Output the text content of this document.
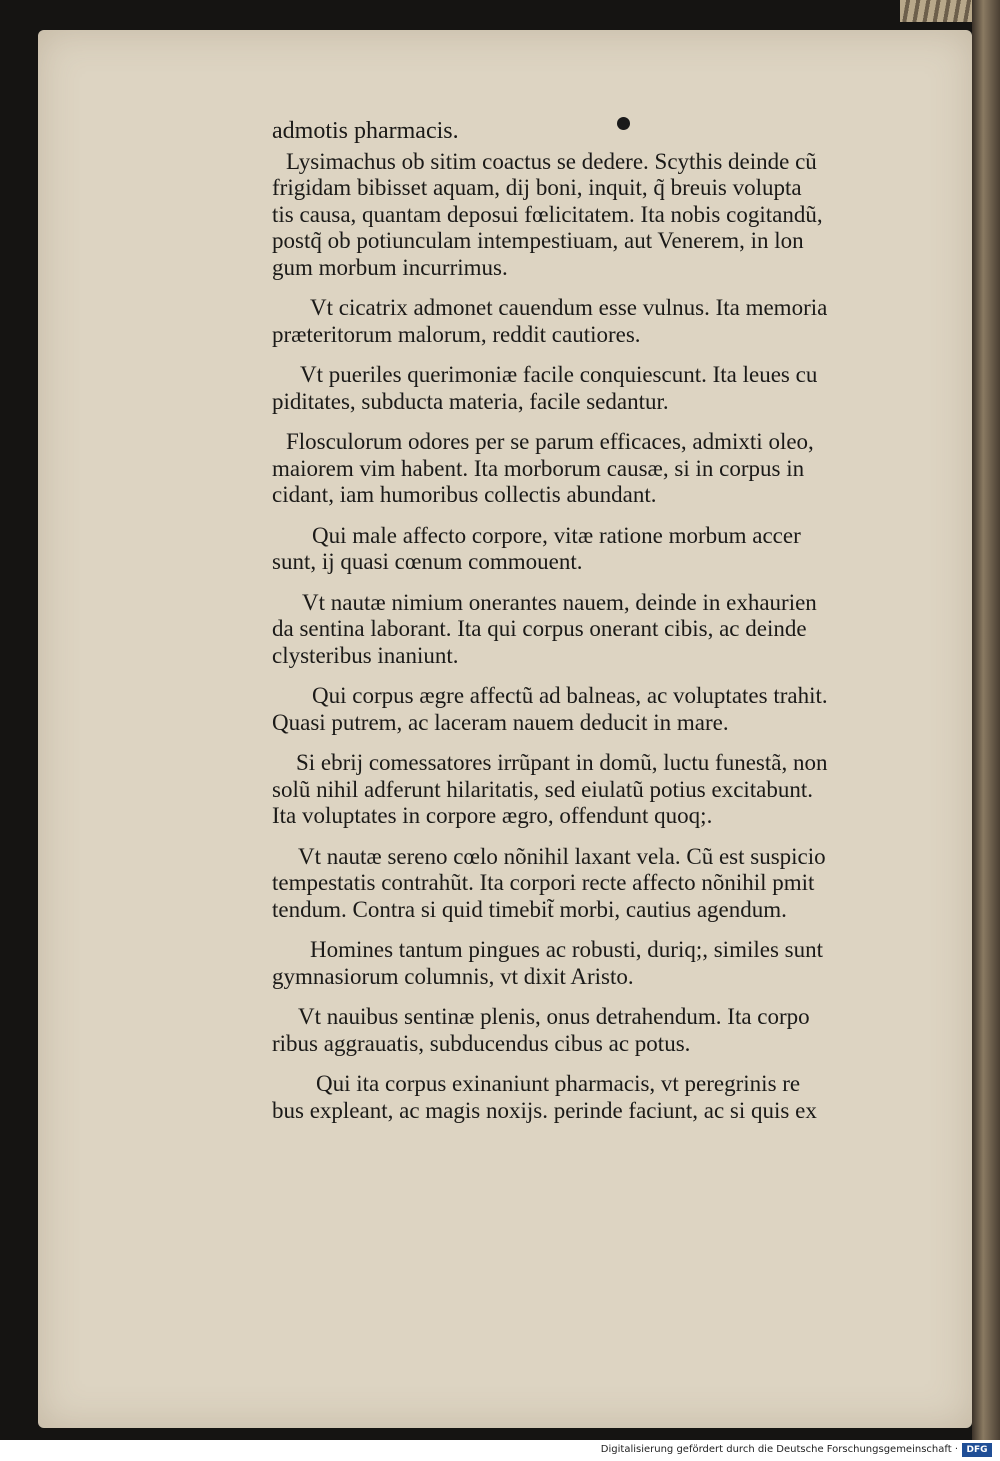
admotis pharmacis.
Lysimachus ob sitim coactus se dedere. Scythis deinde cũ
frigidam bibisset aquam, dij boni, inquit, q̃ breuis volupta
tis causa, quantam deposui fœlicitatem. Ita nobis cogitandũ,
postq̃ ob potiunculam intempestiuam, aut Venerem, in lon
gum morbum incurrimus.
Vt cicatrix admonet cauendum esse vulnus. Ita memoria
præteritorum malorum, reddit cautiores.
Vt pueriles querimoniæ facile conquiescunt. Ita leues cu
piditates, subducta materia, facile sedantur.
Flosculorum odores per se parum efficaces, admixti oleo,
maiorem vim habent. Ita morborum causæ, si in corpus in
cidant, iam humoribus collectis abundant.
Qui male affecto corpore, vitæ ratione morbum accer
sunt, ij quasi cœnum commouent.
Vt nautæ nimium onerantes nauem, deinde in exhaurien
da sentina laborant. Ita qui corpus onerant cibis, ac deinde
clysteribus inaniunt.
Qui corpus ægre affectũ ad balneas, ac voluptates trahit.
Quasi putrem, ac laceram nauem deducit in mare.
Si ebrij comessatores irrũpant in domũ, luctu funestã, non
solũ nihil adferunt hilaritatis, sed eiulatũ potius excitabunt.
Ita voluptates in corpore ægro, offendunt quoq;.
Vt nautæ sereno cœlo nõnihil laxant vela. Cũ est suspicio
tempestatis contrahũt. Ita corpori recte affecto nõnihil pmit
tendum. Contra si quid timebit̃ morbi, cautius agendum.
Homines tantum pingues ac robusti, duriq;, similes sunt
gymnasiorum columnis, vt dixit Aristo.
Vt nauibus sentinæ plenis, onus detrahendum. Ita corpo
ribus aggrauatis, subducendus cibus ac potus.
Qui ita corpus exinaniunt pharmacis, vt peregrinis re
bus expleant, ac magis noxijs. perinde faciunt, ac si quis ex
Digitalisierung gefördert durch die Deutsche Forschungsgemeinschaft · DFG
